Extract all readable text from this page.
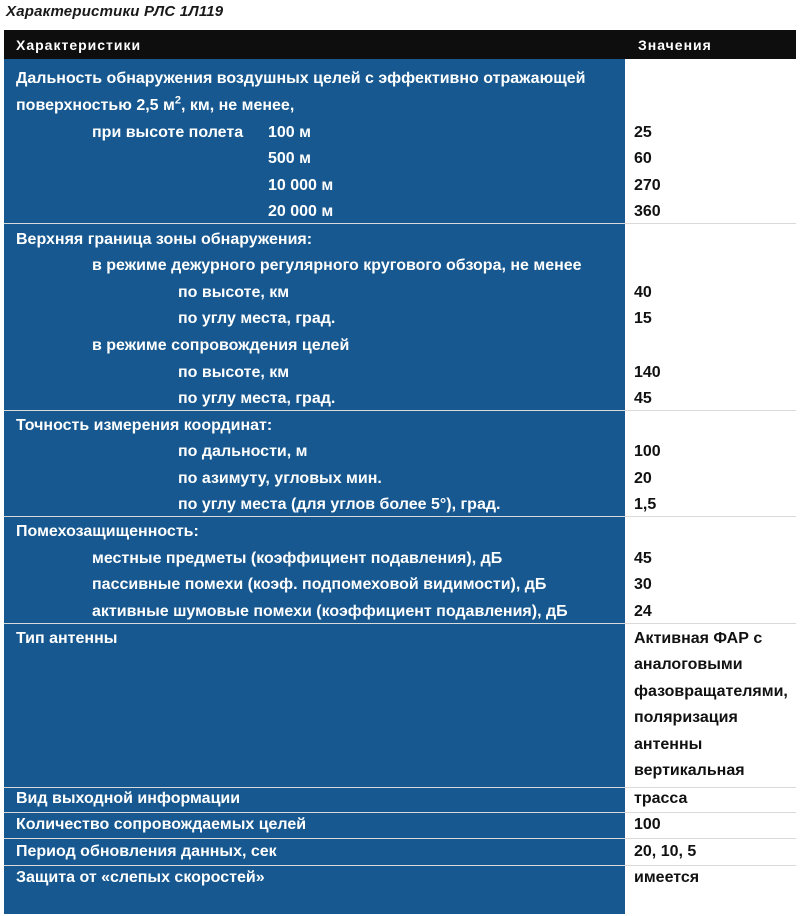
Характеристики РЛС 1Л119
Характеристики	Значения
Дальность обнаружения воздушных целей с эффективно отражающей
поверхностью 2,5 $м^2$, км, не менее,
при высоте полета 100 м	25
500 м	60
10 000 м	270
20 000 м	360
Верхняя граница зоны обнаружения:
в режиме дежурного регулярного кругового обзора, не менее
по высоте, км	40
по углу места, град.	15
в режиме сопровождения целей
по высоте, км	140
по углу места, град.	45
Точность измерения координат:
по дальности, м	100
по азимуту, угловых мин.	20
по углу места (для углов более 5°), град.	1,5
Помехозащищенность:
местные предметы (коэффициент подавления), дБ	45
пассивные помехи (коэф. подпомеховой видимости), дБ	30
активные шумовые помехи (коэффициент подавления), дБ	24
Тип антенны	Активная ФАР с
аналоговыми
фазовращателями,
поляризация
антенны
вертикальная
Вид выходной информации	трасса
Количество сопровождаемых целей	100
Период обновления данных, сек	20, 10, 5
Защита от «слепых скоростей»	имеется
